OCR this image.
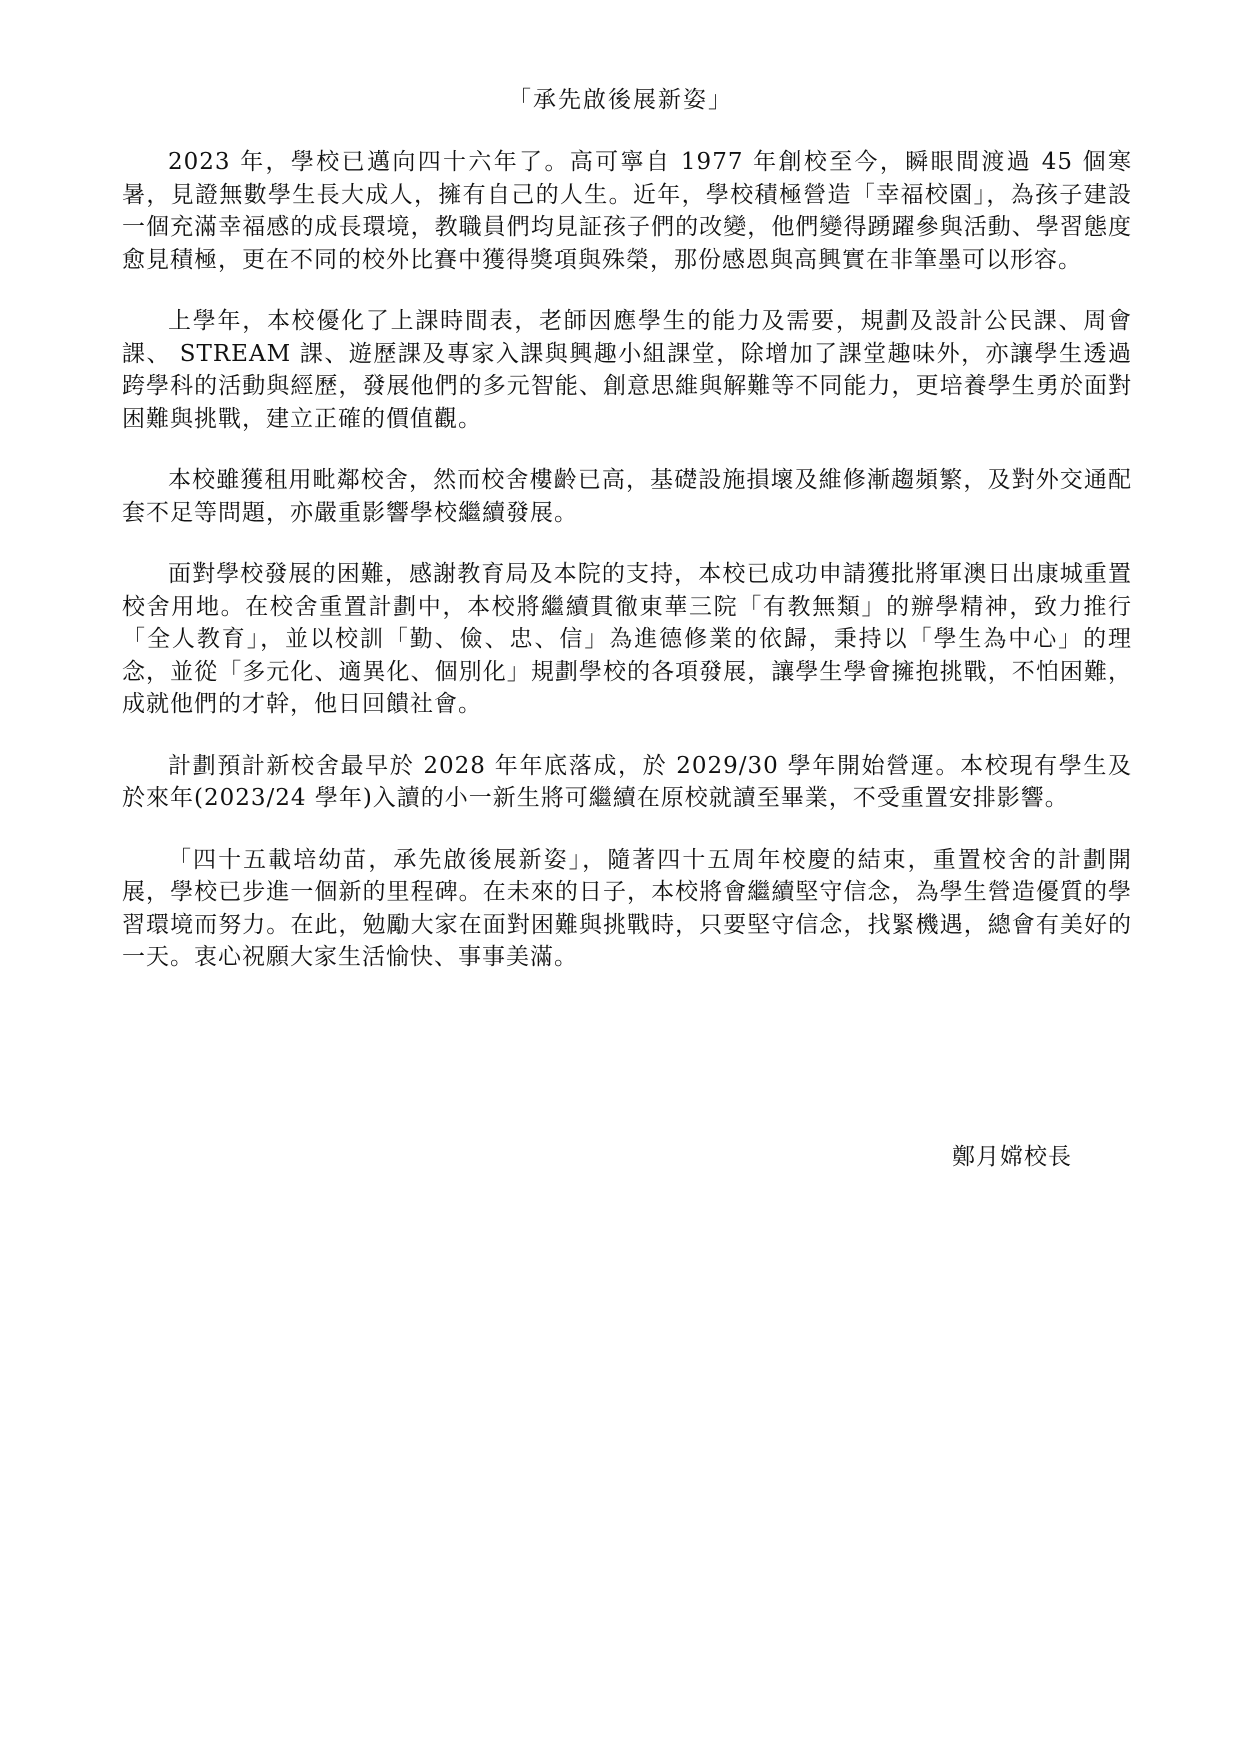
「承先啟後展新姿」

2023 年，學校已邁向四十六年了。高可寧自 1977 年創校至今，瞬眼間渡過 45 個寒暑，見證無數學生長大成人，擁有自己的人生。近年，學校積極營造「幸福校園」，為孩子建設一個充滿幸福感的成長環境，教職員們均見証孩子們的改變，他們變得踴躍參與活動、學習態度愈見積極，更在不同的校外比賽中獲得獎項與殊榮，那份感恩與高興實在非筆墨可以形容。

上學年，本校優化了上課時間表，老師因應學生的能力及需要，規劃及設計公民課、周會課、 STREAM 課、遊歷課及專家入課與興趣小組課堂，除增加了課堂趣味外，亦讓學生透過跨學科的活動與經歷，發展他們的多元智能、創意思維與解難等不同能力，更培養學生勇於面對困難與挑戰，建立正確的價值觀。

本校雖獲租用毗鄰校舍，然而校舍樓齡已高，基礎設施損壞及維修漸趨頻繁，及對外交通配套不足等問題，亦嚴重影響學校繼續發展。

面對學校發展的困難，感謝教育局及本院的支持，本校已成功申請獲批將軍澳日出康城重置校舍用地。在校舍重置計劃中，本校將繼續貫徹東華三院「有教無類」的辦學精神，致力推行「全人教育」，並以校訓「勤、儉、忠、信」為進德修業的依歸，秉持以「學生為中心」的理念，並從「多元化、適異化、個別化」規劃學校的各項發展，讓學生學會擁抱挑戰，不怕困難，成就他們的才幹，他日回饋社會。

計劃預計新校舍最早於 2028 年年底落成，於 2029/30 學年開始營運。本校現有學生及於來年(2023/24 學年)入讀的小一新生將可繼續在原校就讀至畢業，不受重置安排影響。

「四十五載培幼苗，承先啟後展新姿」，隨著四十五周年校慶的結束，重置校舍的計劃開展，學校已步進一個新的里程碑。在未來的日子，本校將會繼續堅守信念，為學生營造優質的學習環境而努力。在此，勉勵大家在面對困難與挑戰時，只要堅守信念，找緊機遇，總會有美好的一天。衷心祝願大家生活愉快、事事美滿。

鄭月嫦校長
